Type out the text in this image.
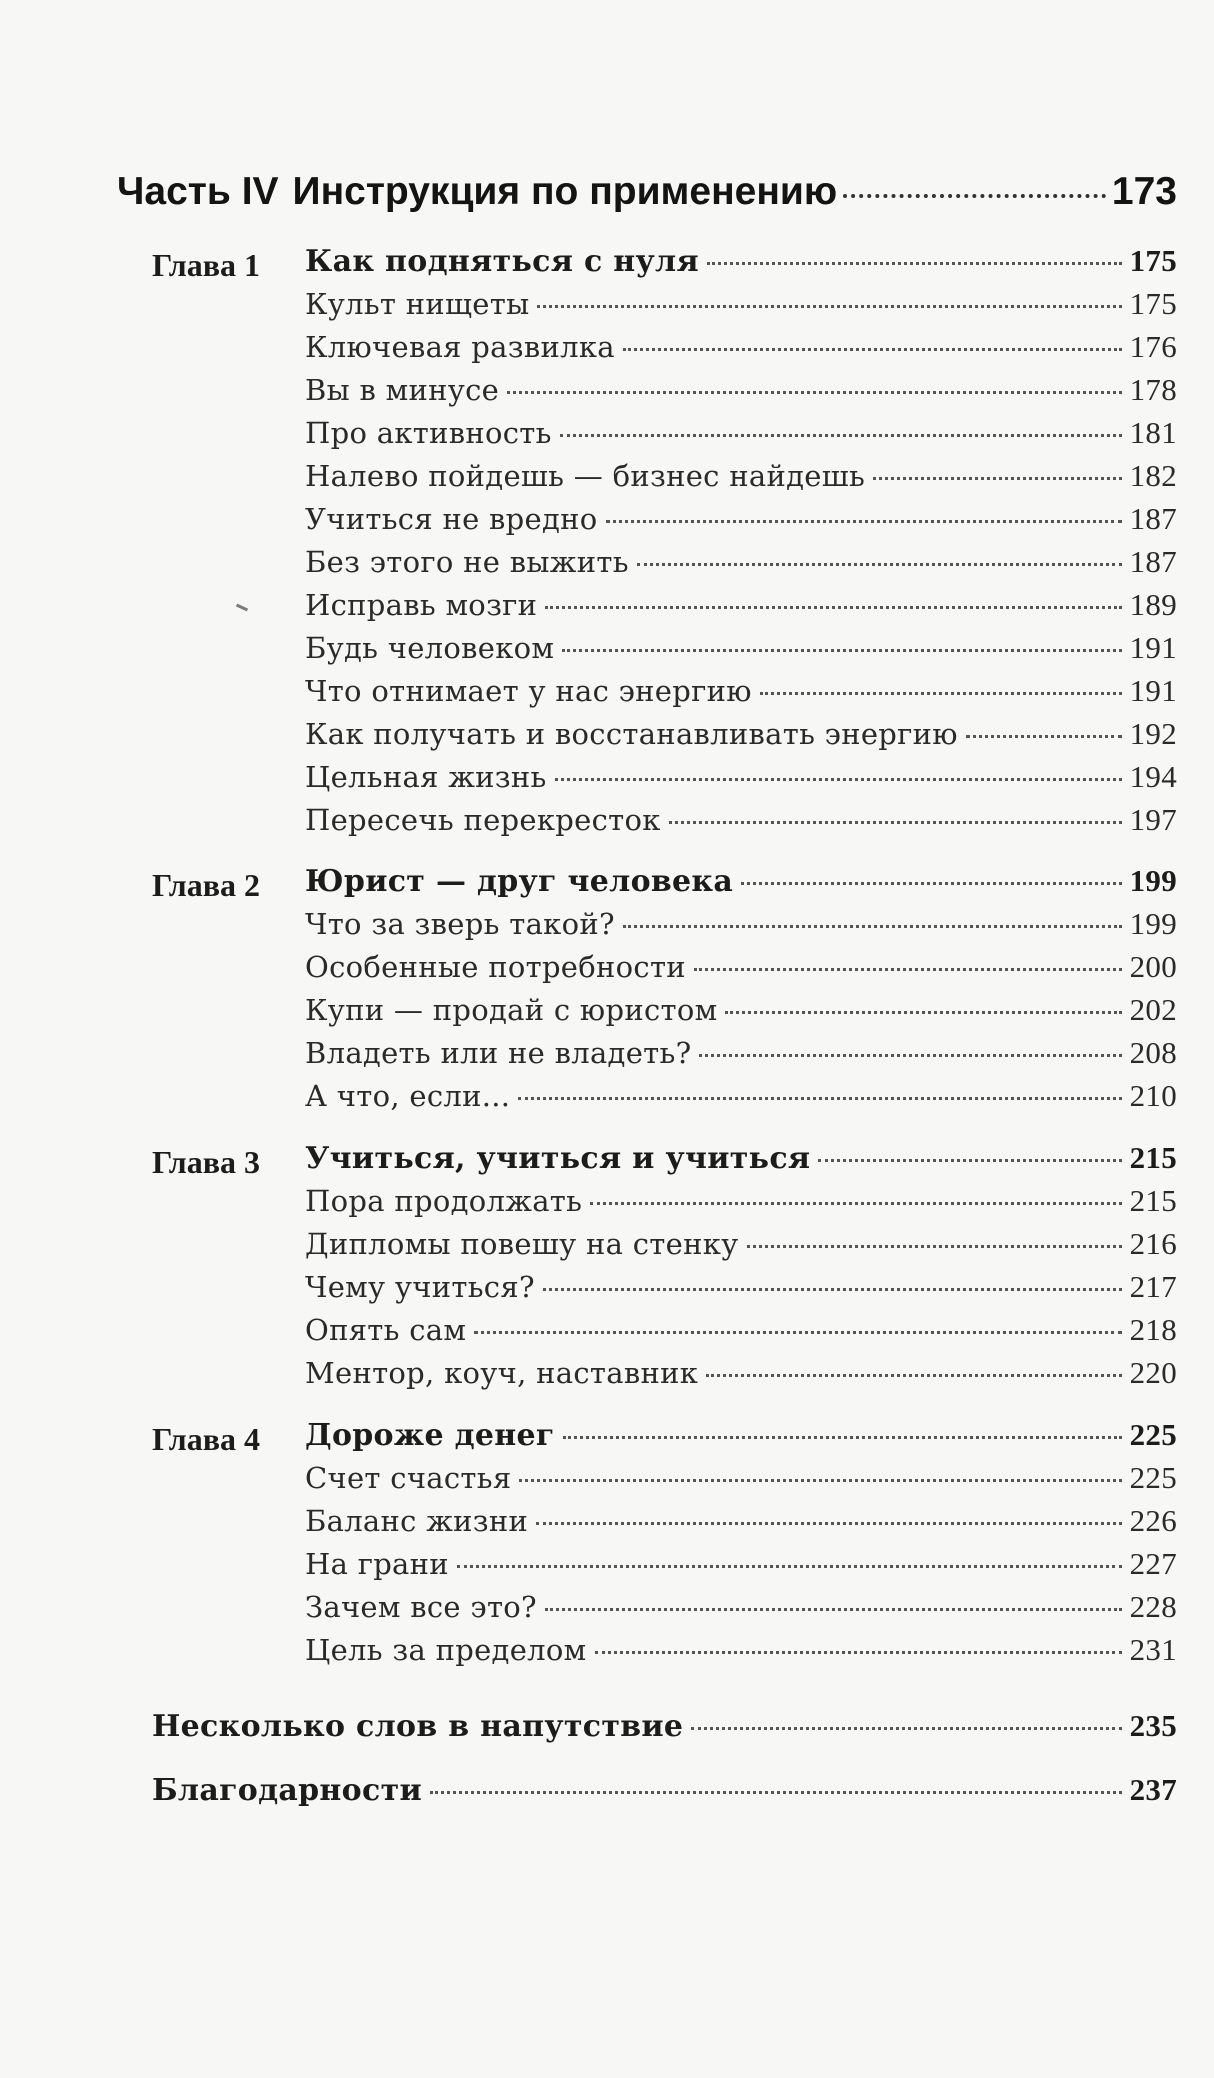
Часть IV Инструкция по применению	173
Глава 1 Как подняться с нуля	175
Культ нищеты	175
Ключевая развилка	176
Вы в минусе	178
Про активность	181
Налево пойдешь — бизнес найдешь	182
Учиться не вредно	187
Без этого не выжить	187
Исправь мозги	189
Будь человеком	191
Что отнимает у нас энергию	191
Как получать и восстанавливать энергию	192
Цельная жизнь	194
Пересечь перекресток	197
Глава 2 Юрист — друг человека	199
Что за зверь такой?	199
Особенные потребности	200
Купи — продай с юристом	202
Владеть или не владеть?	208
А что, если...	210
Глава 3 Учиться, учиться и учиться	215
Пора продолжать	215
Дипломы повешу на стенку	216
Чему учиться?	217
Опять сам	218
Ментор, коуч, наставник	220
Глава 4 Дороже денег	225
Счет счастья	225
Баланс жизни	226
На грани	227
Зачем все это?	228
Цель за пределом	231
Несколько слов в напутствие	235
Благодарности	237
